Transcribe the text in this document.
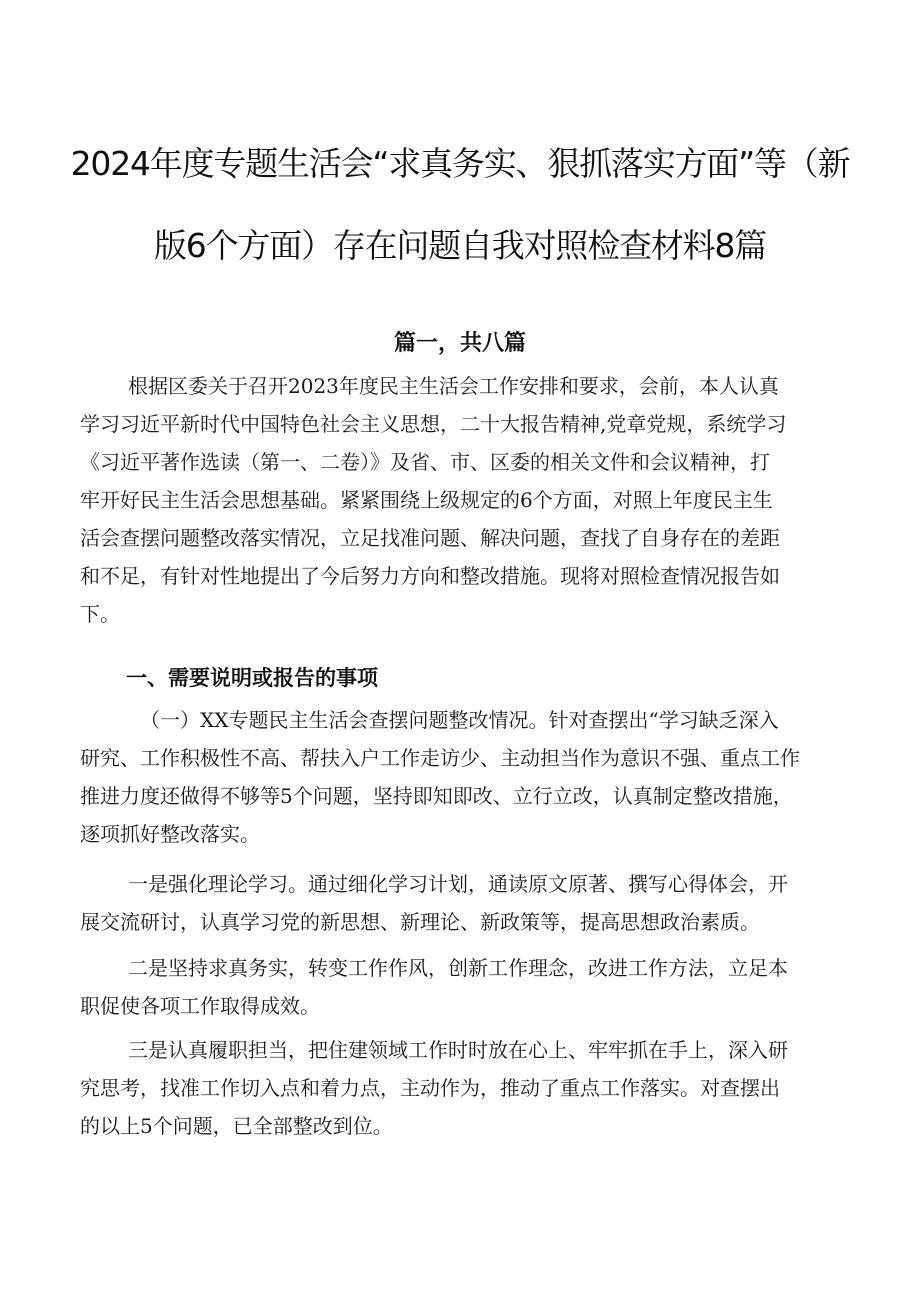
2024年度专题生活会“求真务实、狠抓落实方面”等（新
版6个方面）存在问题自我对照检查材料8篇
篇一，共八篇
根据区委关于召开2023年度民主生活会工作安排和要求，会前，本人认真
学习习近平新时代中国特色社会主义思想，二十大报告精神,党章党规，系统学习
《习近平著作选读（第一、二卷）》及省、市、区委的相关文件和会议精神，打
牢开好民主生活会思想基础。紧紧围绕上级规定的6个方面，对照上年度民主生
活会查摆问题整改落实情况，立足找准问题、解决问题，查找了自身存在的差距
和不足，有针对性地提出了今后努力方向和整改措施。现将对照检查情况报告如
下。
一、需要说明或报告的事项
（一）XX专题民主生活会查摆问题整改情况。针对查摆出“学习缺乏深入
研究、工作积极性不高、帮扶入户工作走访少、主动担当作为意识不强、重点工作
推进力度还做得不够等5个问题，坚持即知即改、立行立改，认真制定整改措施，
逐项抓好整改落实。
一是强化理论学习。通过细化学习计划，通读原文原著、撰写心得体会，开
展交流研讨，认真学习党的新思想、新理论、新政策等，提高思想政治素质。
二是坚持求真务实，转变工作作风，创新工作理念，改进工作方法，立足本
职促使各项工作取得成效。
三是认真履职担当，把住建领域工作时时放在心上、牢牢抓在手上，深入研
究思考，找准工作切入点和着力点，主动作为，推动了重点工作落实。对查摆出
的以上5个问题，已全部整改到位。
